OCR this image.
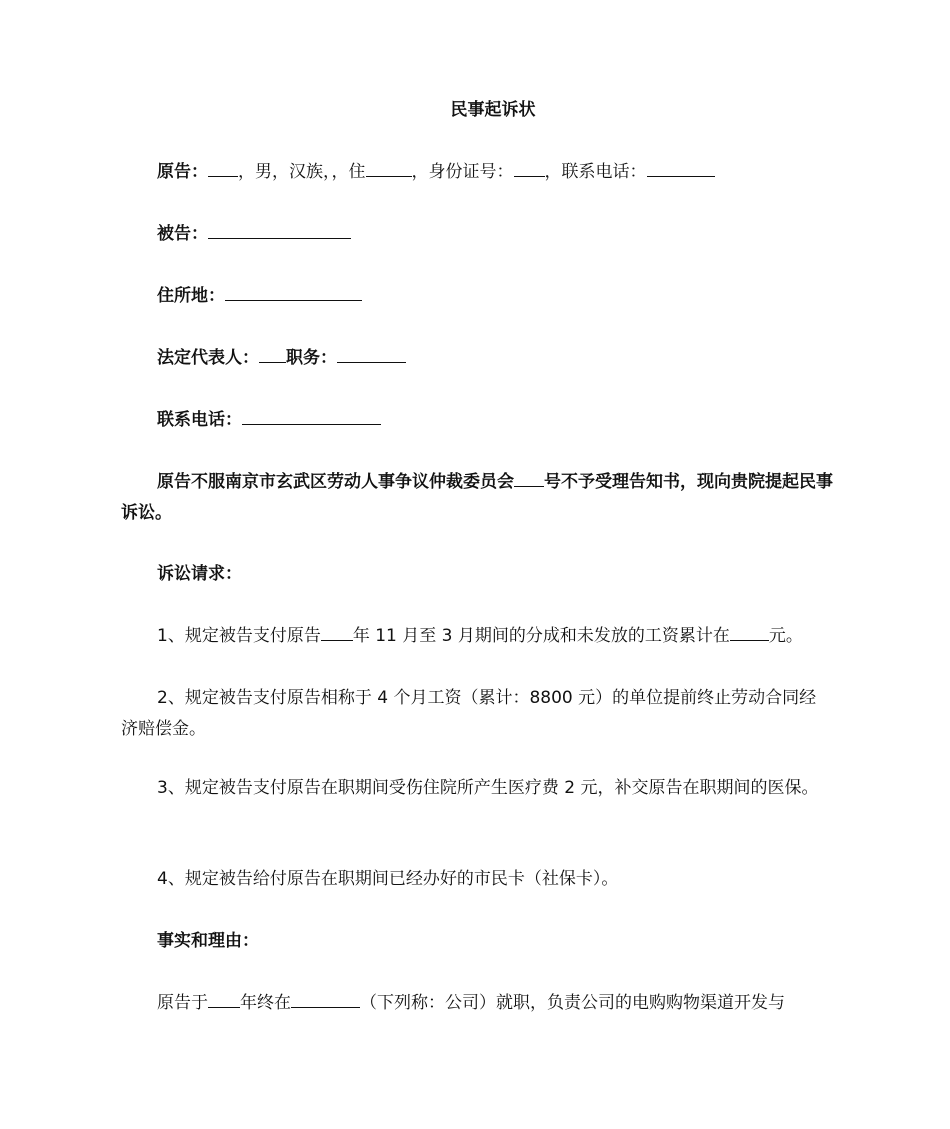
民事起诉状
原告： ，男，汉族，，住	，身份证号： ，联系电话：
被告：
住所地：
法定代表人： 职务：
联系电话：
原告不服南京市玄武区劳动人事争议仲裁委员会 号不予受理告知书，现向贵院提起民事诉讼。
诉讼请求：
1、规定被告支付原告 年 11 月至 3 月期间的分成和未发放的工资累计在 元。
2、规定被告支付原告相称于 4 个月工资（累计：8800 元）的单位提前终止劳动合同经济赔偿金。
3、规定被告支付原告在职期间受伤住院所产生医疗费 2 元，补交原告在职期间的医保。
4、规定被告给付原告在职期间已经办好的市民卡（社保卡）。
事实和理由：
原告于 年终在	（下列称：公司）就职，负责公司的电购购物渠道开发与
